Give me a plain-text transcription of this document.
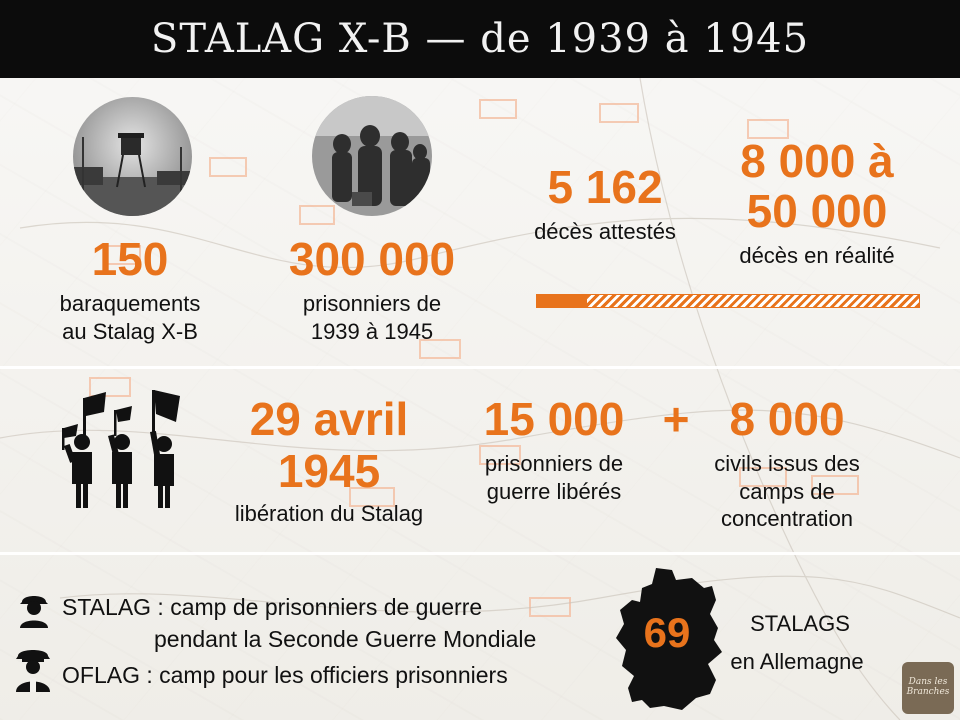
STALAG X-B — de 1939 à 1945
150
baraquements
au Stalag X-B
300 000
prisonniers de
1939 à 1945
5 162
décès attestés
8 000 à
50 000
décès en réalité
29 avril
1945
libération du Stalag
15 000
prisonniers de
guerre libérés
+ 8 000
civils issus des
camps de
concentration
STALAG : camp de prisonniers de guerre
pendant la Seconde Guerre Mondiale
OFLAG : camp pour les officiers prisonniers
69	STALAGS
en Allemagne
Dans les Branches
